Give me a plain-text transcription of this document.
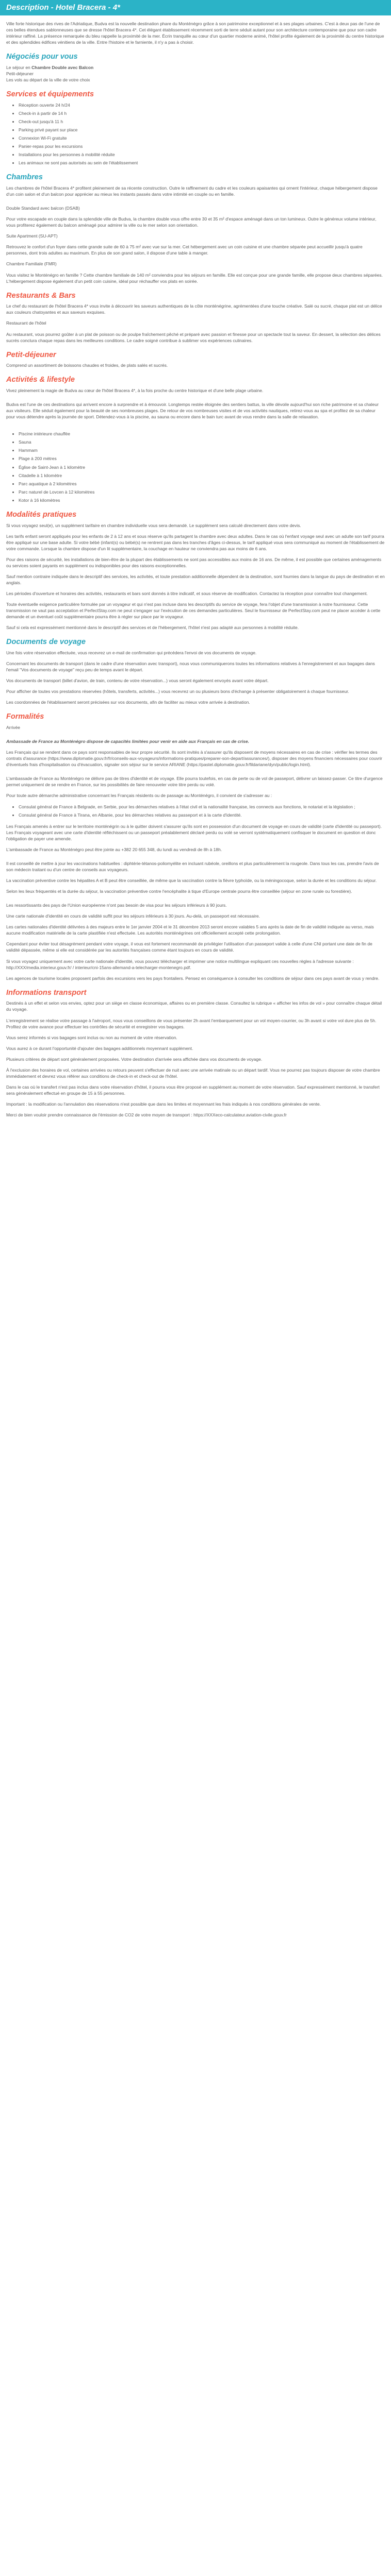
Description - Hotel Bracera - 4*

Ville forte historique des rives de l'Adriatique, Budva est la nouvelle destination phare du Monténégro grâce à son patrimoine exceptionnel et à ses plages urbaines. C'est à deux pas de l'une de ces belles étendues sablonneuses que se dresse l'hôtel Bracera 4*. Cet élégant établissement récemment sorti de terre séduit autant pour son architecture contemporaine que pour son cadre intérieur raffiné. La présence remarquée du bleu rappelle la proximité de la mer. Écrin tranquille au cœur d'un quartier moderne animé, l'hôtel profite également de la proximité du centre historique et des splendides édifices vénitiens de la ville. Entre l'histoire et le farniente, il n'y a pas à choisir.

Négociés pour vous

Le séjour en Chambre Double avec Balcon
Petit-déjeuner
Les vols au départ de la ville de votre choix

Services et équipements
• Réception ouverte 24 h/24
• Check-in à partir de 14 h
• Check-out jusqu'à 11 h
• Parking privé payant sur place
• Connexion Wi-Fi gratuite
• Panier-repas pour les excursions
• Installations pour les personnes à mobilité réduite
• Les animaux ne sont pas autorisés au sein de l'établissement
Chambres

Les chambres de l'hôtel Bracera 4* profitent pleinement de sa récente construction. Outre le raffinement du cadre et les couleurs apaisantes qui ornent l'intérieur, chaque hébergement dispose d'un coin salon et d'un balcon pour apprécier au mieux les instants passés dans votre intimité en couple ou en famille.

Double Standard avec balcon (DSAB)

Pour votre escapade en couple dans la splendide ville de Budva, la chambre double vous offre entre 30 et 35 m² d'espace aménagé dans un ton lumineux. Outre le généreux volume intérieur, vous profiterez également du balcon aménagé pour admirer la ville ou le mer selon son orientation.

Suite Apartment (SU-APT)

Retrouvez le confort d'un foyer dans cette grande suite de 60 à 75 m² avec vue sur la mer. Cet hébergement avec un coin cuisine et une chambre séparée peut accueillir jusqu'à quatre personnes, dont trois adultes au maximum. En plus de son grand salon, il dispose d'une table à manger.

Chambre Familiale (FMR)

Vous visitez le Monténégro en famille ? Cette chambre familiale de 140 m² conviendra pour les séjours en famille. Elle est conçue pour une grande famille, elle propose deux chambres séparées. L'hébergement dispose également d'un petit coin cuisine, idéal pour réchauffer vos plats en soirée.

Restaurants & Bars

Le chef du restaurant de l'hôtel Bracera 4* vous invite à découvrir les saveurs authentiques de la côte monténégrine, agrémentées d'une touche créative. Salé ou sucré, chaque plat est un délice aux couleurs chatoyantes et aux saveurs exquises.

Restaurant de l'hôtel

Au restaurant, vous pourrez goûter à un plat de poisson ou de poulpe fraîchement pêché et préparé avec passion et finesse pour un spectacle tout la saveur. En dessert, la sélection des délices sucrés conclura chaque repas dans les meilleures conditions. Le cadre soigné contribue à sublimer vos expériences culinaires.

Petit-déjeuner

Comprend un assortiment de boissons chaudes et froides, de plats salés et sucrés.

Activités & lifestyle

Vivez pleinement la magie de Budva au cœur de l'hôtel Bracera 4*, à la fois proche du centre historique et d'une belle plage urbaine.

Budva est l'une de ces destinations qui arrivent encore à surprendre et à émouvoir. Longtemps restée éloignée des sentiers battus, la ville dévoile aujourd'hui son riche patrimoine et sa chaleur aux visiteurs. Elle séduit également pour la beauté de ses nombreuses plages. De retour de vos nombreuses visites et de vos activités nautiques, retirez-vous au spa et profitez de sa chaleur pour vous détendre après la journée de sport. Détendez-vous à la piscine, au sauna ou encore dans le bain turc avant de vous rendre dans la salle de relaxation.

• Piscine intérieure chauffée
• Sauna
• Hammam
• Plage à 200 mètres
• Église de Saint-Jean à 1 kilomètre
• Citadelle à 1 kilomètre
• Parc aquatique à 2 kilomètres
• Parc naturel de Lovcen à 12 kilomètres
• Kotor à 16 kilomètres
Modalités pratiques

Si vous voyagez seul(e), un supplément tarifaire en chambre individuelle vous sera demandé. Le supplément sera calculé directement dans votre devis.

Les tarifs enfant seront appliqués pour les enfants de 2 à 12 ans et sous réserve qu'ils partagent la chambre avec deux adultes. Dans le cas où l'enfant voyage seul avec un adulte son tarif pourra être appliqué sur une base adulte. Si votre bébé (infant(s) ou bébé(s) ne rentrent pas dans les tranches d'âges ci-dessus, le tarif appliqué vous sera communiqué au moment de l'établissement de votre commande. Lorsque la chambre dispose d'un lit supplémentaire, la couchage en hauteur ne conviendra pas aux moins de 6 ans.

Pour des raisons de sécurité, les installations de bien-être de la plupart des établissements ne sont pas accessibles aux moins de 16 ans. De même, il est possible que certaines aménagements ou services soient payants en supplément ou indisponibles pour des raisons exceptionnelles.

Sauf mention contraire indiquée dans le descriptif des services, les activités, et toute prestation additionnelle dépendent de la destination, sont fournies dans la langue du pays de destination et en anglais.

Les périodes d'ouverture et horaires des activités, restaurants et bars sont donnés à titre indicatif, et sous réserve de modification. Contactez la réception pour connaître tout changement.

Toute éventuelle exigence particulière formulée par un voyageur et qui n'est pas incluse dans les descriptifs du service de voyage, fera l'objet d'une transmission à notre fournisseur. Cette transmission ne vaut pas acceptation et PerfectStay.com ne peut s'engager sur l'exécution de ces demandes particulières. Seul le fournisseur de PerfectStay.com peut ne placer accéder à cette demande et un éventuel coût supplémentaire pourra être à régler sur place par le voyageur.

Sauf si cela est expressément mentionné dans le descriptif des services et de l'hébergement, l'hôtel n'est pas adapté aux personnes à mobilité réduite.

Documents de voyage

Une fois votre réservation effectuée, vous recevrez un e-mail de confirmation qui précédera l'envoi de vos documents de voyage.

Concernant les documents de transport (dans le cadre d'une réservation avec transport), nous vous communiquerons toutes les informations relatives à l'enregistrement et aux bagages dans l'email "Vos documents de voyage" reçu peu de temps avant le départ.

Vos documents de transport (billet d'avion, de train, contenu de votre réservation...) vous seront également envoyés avant votre départ.

Pour afficher de toutes vos prestations réservées (hôtels, transferts, activités...) vous recevrez un ou plusieurs bons d'échange à présenter obligatoirement à chaque fournisseur.

Les coordonnées de l'établissement seront précisées sur vos documents, afin de faciliter au mieux votre arrivée à destination.

Formalités

Arrivée

Ambassade de France au Monténégro dispose de capacités limitées pour venir en aide aux Français en cas de crise.

Les Français qui se rendent dans ce pays sont responsables de leur propre sécurité. Ils sont invités à s'assurer qu'ils disposent de moyens nécessaires en cas de crise : vérifier les termes des contrats d'assurance (https://www.diplomatie.gouv.fr/fr/conseils-aux-voyageurs/informations-pratiques/preparer-son-depart/assurances/), disposer des moyens financiers nécessaires pour couvrir d'éventuels frais d'hospitalisation ou d'évacuation, signaler son séjour sur le service ARIANE (https://pastel.diplomatie.gouv.fr/fildariane/dyn/public/login.html).

L'ambassade de France au Monténégro ne délivre pas de titres d'identité et de voyage. Elle pourra toutefois, en cas de perte ou de vol de passeport, délivrer un laissez-passer. Ce titre d'urgence permet uniquement de se rendre en France, sur les possibilités de faire renouveler votre titre perdu ou volé.

Pour toute autre démarche administrative concernant les Français résidents ou de passage au Monténégro, il convient de s'adresser au :

• Consulat général de France à Belgrade, en Serbie, pour les démarches relatives à l'état civil et la nationalité française, les connects aux fonctions, le notariat et la législation ;
• Consulat général de France à Tirana, en Albanie, pour les démarches relatives au passeport et à la carte d'identité.

Les Français amenés à entrer sur le territoire monténégrin ou à le quitter doivent s'assurer qu'ils sont en possession d'un document de voyage en cours de validité (carte d'identité ou passeport). Les Français voyageant avec une carte d'identité réfléchissent ou un passeport préalablement déclaré perdu ou volé se verront systématiquement confisquer le document en question et donc l'obligation de payer une amende.

L'ambassade de France au Monténégro peut être jointe au +382 20 655 348, du lundi au vendredi de 8h à 18h.

Il est conseillé de mettre à jour les vaccinations habituelles : diphtérie-tétanos-poliomyélite en incluant rubéole, oreillons et plus particulièrement la rougeole. Dans tous les cas, prendre l'avis de son médecin traitant ou d'un centre de conseils aux voyageurs.

La vaccination préventive contre les hépatites A et B peut être conseillée, de même que la vaccination contre la fièvre typhoïde, ou la méningocoque, selon la durée et les conditions du séjour.

Selon les lieux fréquentés et la durée du séjour, la vaccination préventive contre l'encéphalite à tique d'Europe centrale pourra être conseillée (séjour en zone rurale ou forestière).

Les ressortissants des pays de l'Union européenne n'ont pas besoin de visa pour les séjours inférieurs à 90 jours.

Une carte nationale d'identité en cours de validité suffit pour les séjours inférieurs à 30 jours. Au-delà, un passeport est nécessaire.

Les cartes nationales d'identité délivrées à des majeurs entre le 1er janvier 2004 et le 31 décembre 2013 seront encore valables 5 ans après la date de fin de validité indiquée au verso, mais aucune modification matérielle de la carte plastifiée n'est effectuée. Les autorités monténégrines ont officiellement accepté cette prolongation.

Cependant pour éviter tout désagrément pendant votre voyage, il vous est fortement recommandé de privilégier l'utilisation d'un passeport valide à celle d'une CNI portant une date de fin de validité dépassée, même si elle est considérée par les autorités françaises comme étant toujours en cours de validité.

Si vous voyagez uniquement avec votre carte nationale d'identité, vous pouvez télécharger et imprimer une notice multilingue expliquant ces nouvelles règles à l'adresse suivante : http://XXX/media.interieur.gouv.fr/ / interieur/cni-15ans-allemand-a-telecharger-montenegro.pdf.

Les agences de tourisme locales proposent parfois des excursions vers les pays frontaliers. Pensez en conséquence à consulter les conditions de séjour dans ces pays avant de vous y rendre.

Informations transport

Destinés à un effet et selon vos envies, optez pour un siège en classe économique, affaires ou en première classe. Consultez la rubrique « afficher les infos de vol » pour connaître chaque détail du voyage.

L'enregistrement se réalise votre passage à l'aéroport, nous vous conseillons de vous présenter 2h avant l'embarquement pour un vol moyen-courrier, ou 3h avant si votre vol dure plus de 5h. Profitez de votre avance pour effectuer les contrôles de sécurité et enregistrer vos bagages.

Vous serez informés si vos bagages sont inclus ou non au moment de votre réservation.

Vous aurez à ce durant l'opportunité d'ajouter des bagages additionnels moyennant supplément.

Plusieurs critères de départ sont généralement proposées. Votre destination d'arrivée sera affichée dans vos documents de voyage.

À l'exclusion des horaires de vol, certaines arrivées ou retours peuvent s'effectuer de nuit avec une arrivée matinale ou un départ tardif. Vous ne pourrez pas toujours disposer de votre chambre immédiatement et devrez vous référer aux conditions de check-in et check-out de l'hôtel.

Dans le cas où le transfert n'est pas inclus dans votre réservation d'hôtel, il pourra vous être proposé en supplément au moment de votre réservation. Sauf expressément mentionné, le transfert sera généralement effectué en groupe de 15 à 55 personnes.

Important : la modification ou l'annulation des réservations n'est possible que dans les limites et moyennant les frais indiqués à nos conditions générales de vente.

Merci de bien vouloir prendre connaissance de l'émission de CO2 de votre moyen de transport : https://XXXeco-calculateur.aviation-civile.gouv.fr
